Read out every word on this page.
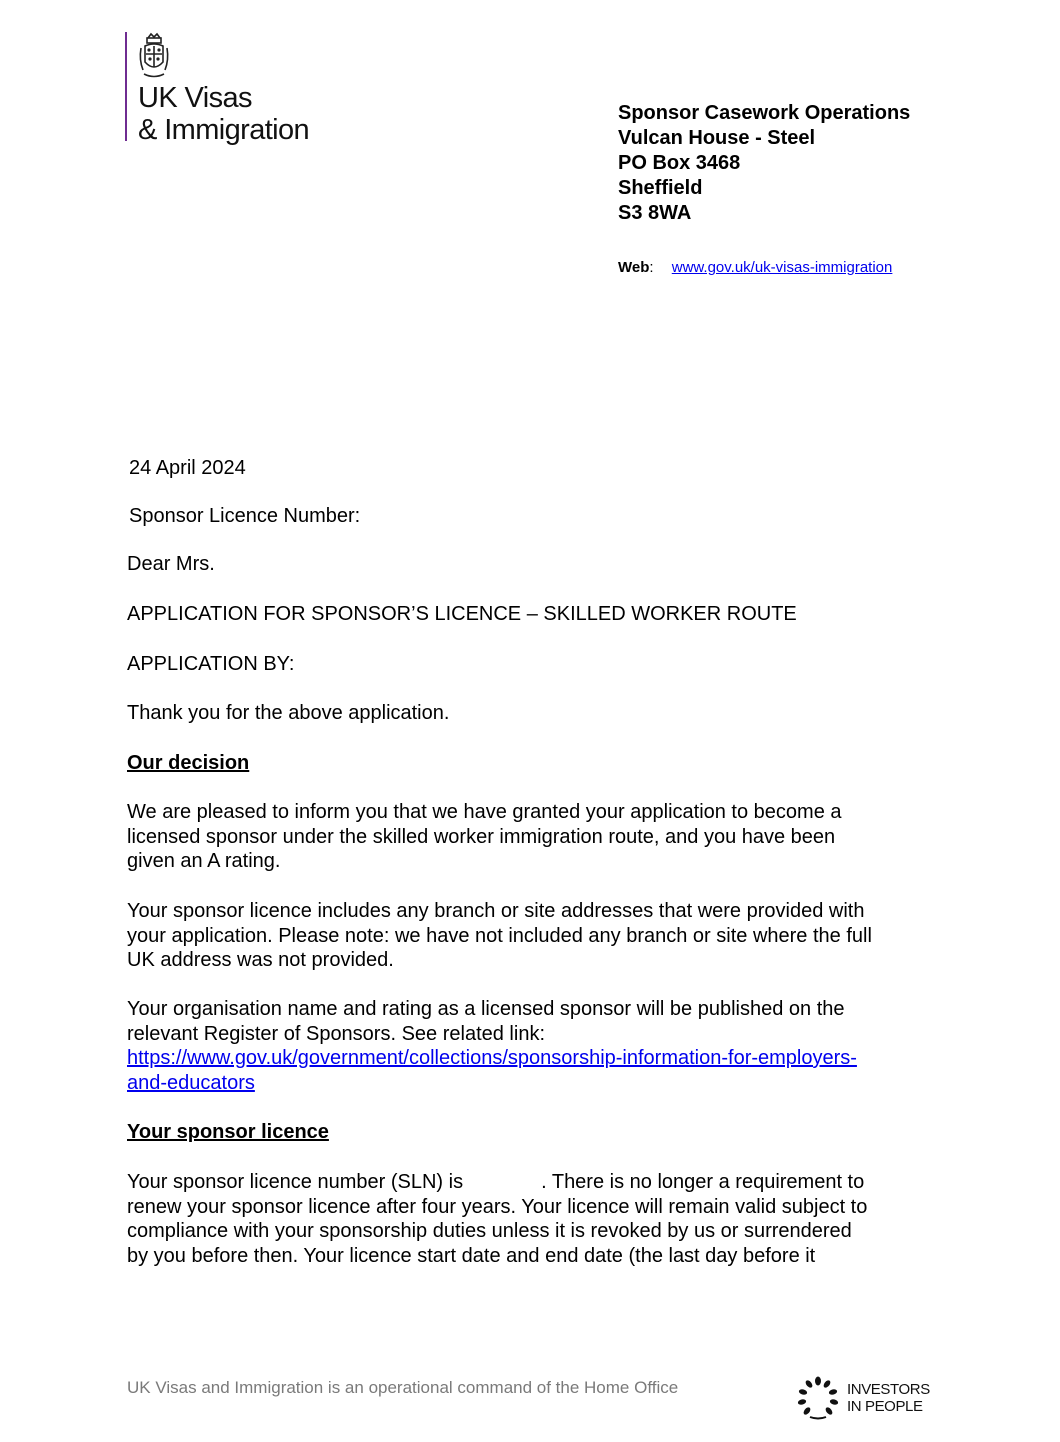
UK Visas
& Immigration
Sponsor Casework Operations
Vulcan House - Steel
PO Box 3468
Sheffield
S3 8WA
Web: www.gov.uk/uk-visas-immigration
24 April 2024
Sponsor Licence Number:
Dear Mrs.
APPLICATION FOR SPONSOR’S LICENCE – SKILLED WORKER ROUTE
APPLICATION BY:
Thank you for the above application.
Our decision
We are pleased to inform you that we have granted your application to become a
licensed sponsor under the skilled worker immigration route, and you have been
given an A rating.
Your sponsor licence includes any branch or site addresses that were provided with
your application. Please note: we have not included any branch or site where the full
UK address was not provided.
Your organisation name and rating as a licensed sponsor will be published on the
relevant Register of Sponsors. See related link:
https://www.gov.uk/government/collections/sponsorship-information-for-employers-
and-educators
Your sponsor licence
Your sponsor licence number (SLN) is	. There is no longer a requirement to
renew your sponsor licence after four years. Your licence will remain valid subject to
compliance with your sponsorship duties unless it is revoked by us or surrendered
by you before then. Your licence start date and end date (the last day before it
UK Visas and Immigration is an operational command of the Home Office	INVESTORS
IN PEOPLE
